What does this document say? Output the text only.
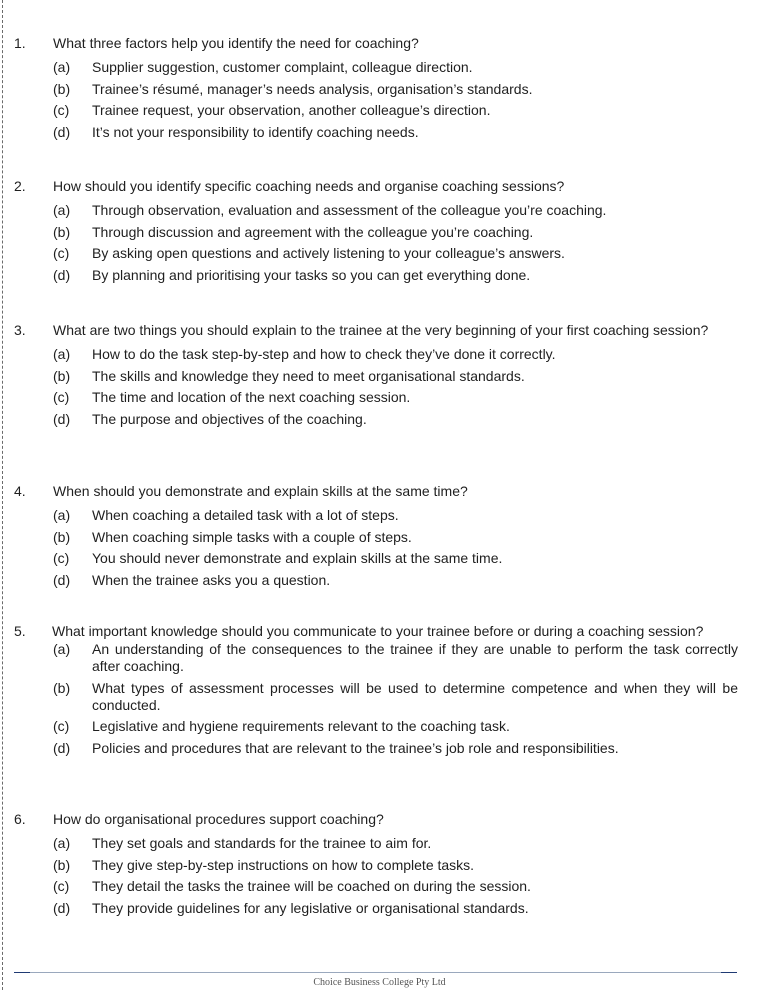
1.	What three factors help you identify the need for coaching?
(a)	Supplier suggestion, customer complaint, colleague direction.
(b)	Trainee’s résumé, manager’s needs analysis, organisation’s standards.
(c)	Trainee request, your observation, another colleague’s direction.
(d)	It’s not your responsibility to identify coaching needs.
2.	How should you identify specific coaching needs and organise coaching sessions?
(a)	Through observation, evaluation and assessment of the colleague you’re coaching.
(b)	Through discussion and agreement with the colleague you’re coaching.
(c)	By asking open questions and actively listening to your colleague’s answers.
(d)	By planning and prioritising your tasks so you can get everything done.
3.	What are two things you should explain to the trainee at the very beginning of your first coaching session?
(a)	How to do the task step-by-step and how to check they’ve done it correctly.
(b)	The skills and knowledge they need to meet organisational standards.
(c)	The time and location of the next coaching session.
(d)	The purpose and objectives of the coaching.
4.	When should you demonstrate and explain skills at the same time?
(a)	When coaching a detailed task with a lot of steps.
(b)	When coaching simple tasks with a couple of steps.
(c)	You should never demonstrate and explain skills at the same time.
(d)	When the trainee asks you a question.
5.	What important knowledge should you communicate to your trainee before or during a coaching session?
(a)	An understanding of the consequences to the trainee if they are unable to perform the task correctly after coaching.
(b)	What types of assessment processes will be used to determine competence and when they will be conducted.
(c)	Legislative and hygiene requirements relevant to the coaching task.
(d)	Policies and procedures that are relevant to the trainee’s job role and responsibilities.
6.	How do organisational procedures support coaching?
(a)	They set goals and standards for the trainee to aim for.
(b)	They give step-by-step instructions on how to complete tasks.
(c)	They detail the tasks the trainee will be coached on during the session.
(d)	They provide guidelines for any legislative or organisational standards.
Choice Business College Pty Ltd
